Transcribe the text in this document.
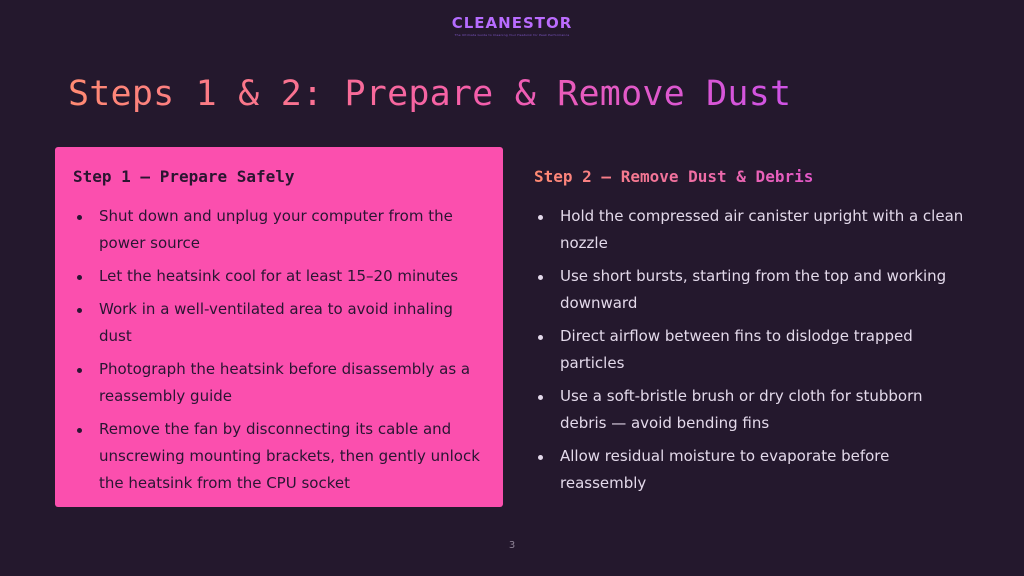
CLEANESTOR
The Ultimate Guide to Cleaning Your Heatsink for Peak Performance
Steps 1 & 2: Prepare & Remove Dust
Step 1 — Prepare Safely
Shut down and unplug your computer from the power source
Let the heatsink cool for at least 15–20 minutes
Work in a well-ventilated area to avoid inhaling dust
Photograph the heatsink before disassembly as a reassembly guide
Remove the fan by disconnecting its cable and unscrewing mounting brackets, then gently unlock the heatsink from the CPU socket
Step 2 — Remove Dust & Debris
Hold the compressed air canister upright with a clean nozzle
Use short bursts, starting from the top and working downward
Direct airflow between fins to dislodge trapped particles
Use a soft-bristle brush or dry cloth for stubborn debris — avoid bending fins
Allow residual moisture to evaporate before reassembly
3
